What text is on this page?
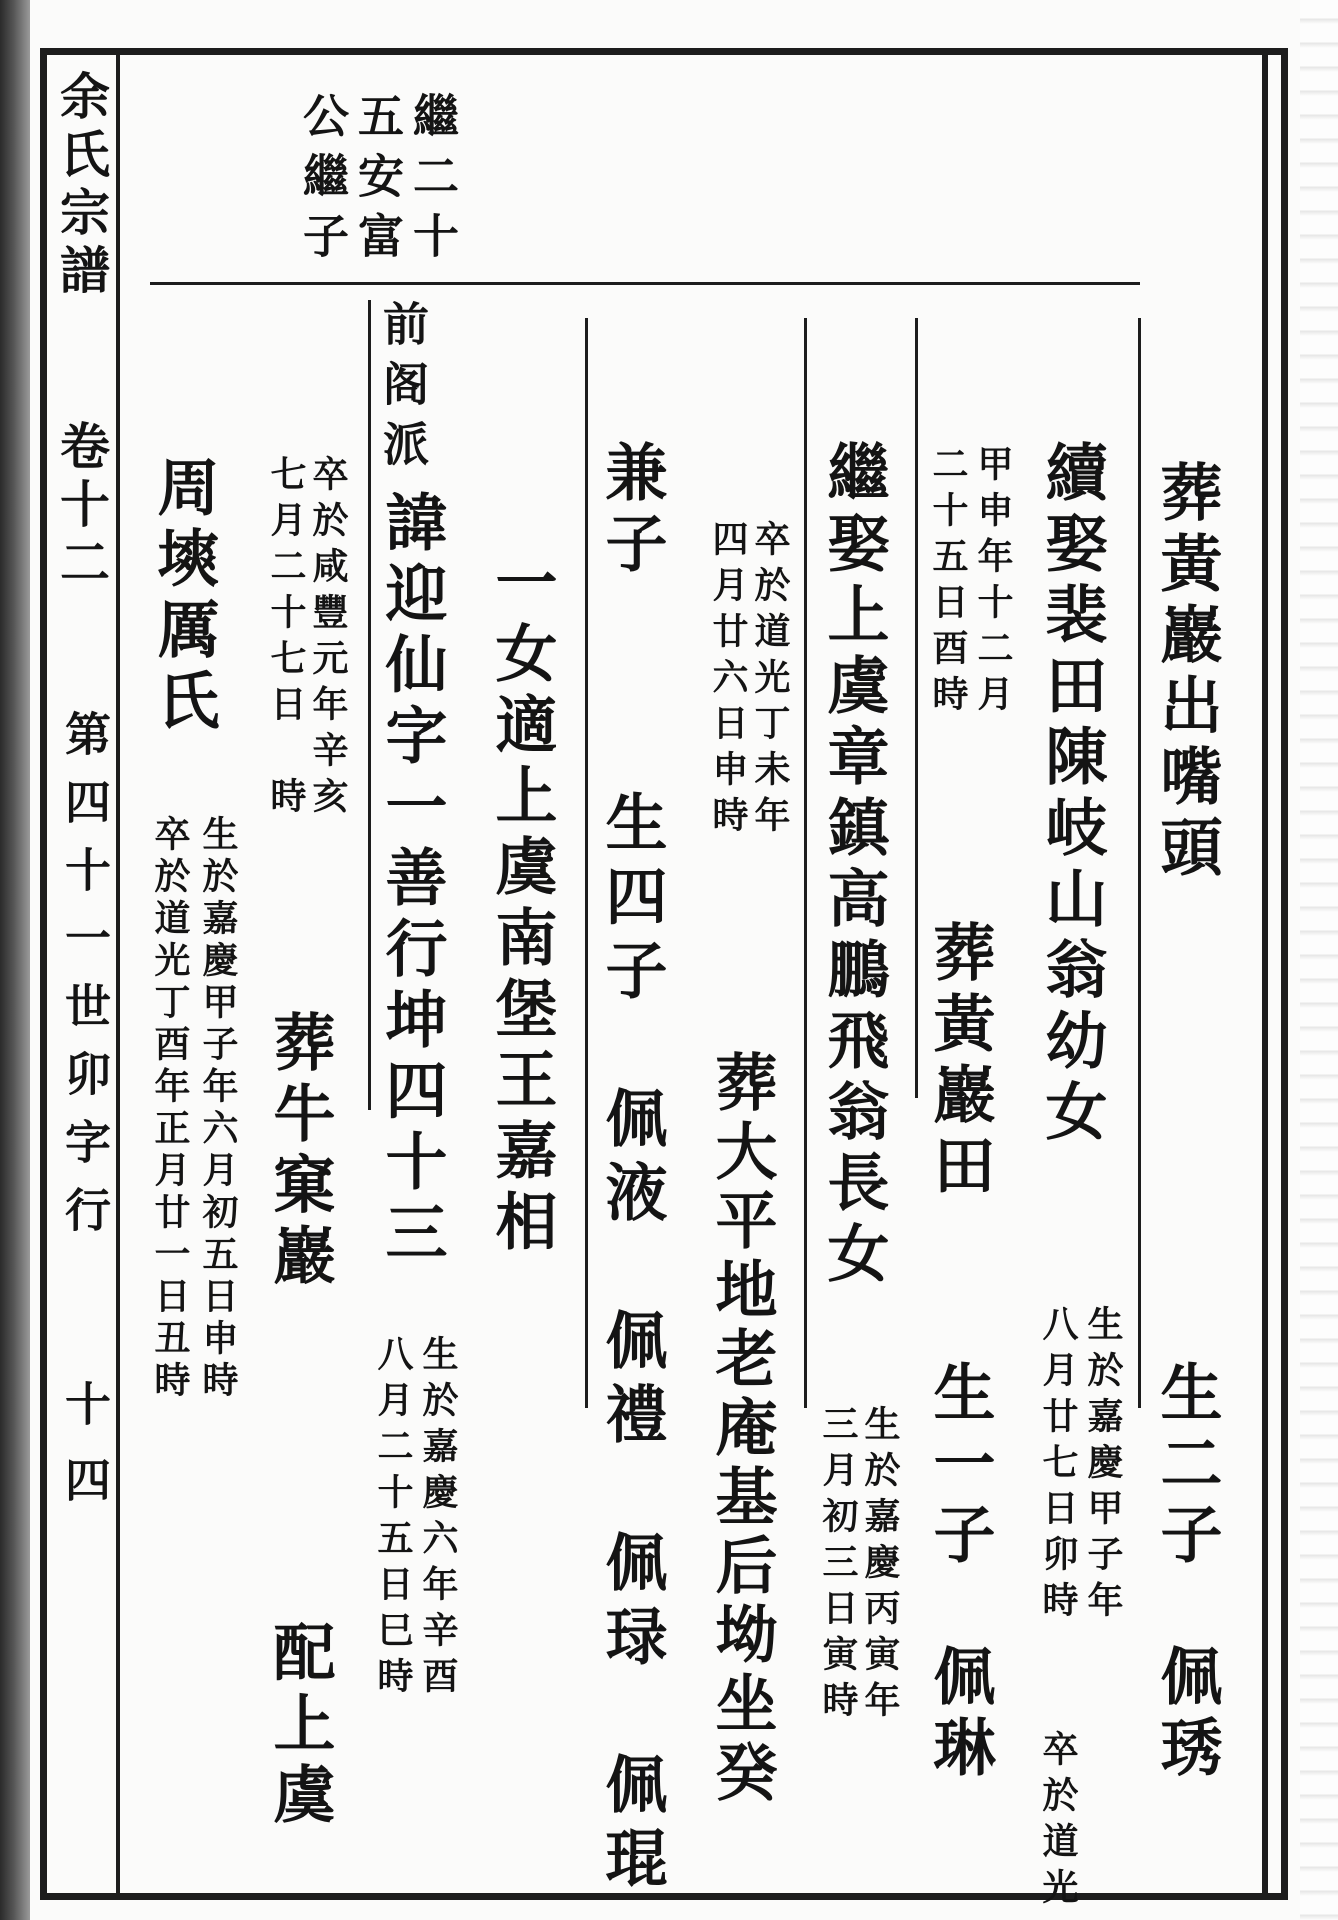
余氏宗譜
卷十二
第四十一世卯字行
十四
繼二十
五安富
公繼子
葬黃巖出嘴頭
生二子　佩琇
續娶裴田陳岐山翁幼女
生於嘉慶甲子年
八月廿七日卯時
卒於道光
甲申年十二月
二十五日酉時
葬黃巖田
生一子　佩琳
繼娶上虞章鎮高鵬飛翁長女
生於嘉慶丙寅年
三月初三日寅時
卒於道光丁未年
四月廿六日申時
葬大平地老庵基后坳坐癸
兼子
生四子　佩液　佩禮　佩琭　佩琨
一女適上虞南堡王嘉相
前阁派
諱迎仙字一善行坤四十三
生於嘉慶六年辛酉
八月二十五日巳時
卒於咸豐元年辛亥
七月二十七日　時
葬牛窠巖
配上虞
周塽厲氏
生於嘉慶甲子年六月初五日申時
卒於道光丁酉年正月廿一日丑時
